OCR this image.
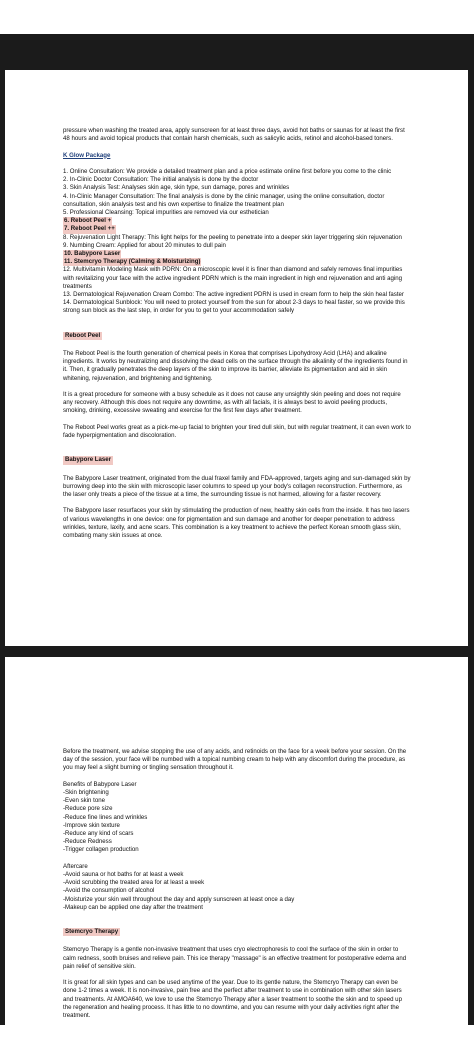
pressure when washing the treated area, apply sunscreen for at least three days, avoid hot baths or saunas for at least the first 48 hours and avoid topical products that contain harsh chemicals, such as salicylic acids, retinol and alcohol-based toners.

K Glow Package

1. Online Consultation: We provide a detailed treatment plan and a price estimate online first before you come to the clinic
2. In-Clinic Doctor Consultation: The initial analysis is done by the doctor
3. Skin Analysis Test: Analyses skin age, skin type, sun damage, pores and wrinkles
4. In-Clinic Manager Consultation: The final analysis is done by the clinic manager, using the online consultation, doctor consultation, skin analysis test and his own expertise to finalize the treatment plan
5. Professional Cleansing: Topical impurities are removed via our esthetician
6. Reboot Peel +
7. Reboot Peel ++
8. Rejuvenation Light Therapy: This light helps for the peeling to penetrate into a deeper skin layer triggering skin rejuvenation
9. Numbing Cream: Applied for about 20 minutes to dull pain
10. Babypore Laser
11. Stemcryo Therapy (Calming & Moisturizing)
12. Multivitamin Modeling Mask with PDRN: On a microscopic level it is finer than diamond and safely removes final impurities with revitalizing your face with the active ingredient PDRN which is the main ingredient in high end rejuvenation and anti aging treatments
13. Dermatological Rejuvenation Cream Combo: The active ingredient PDRN is used in cream form to help the skin heal faster
14. Dermatological Sunblock: You will need to protect yourself from the sun for about 2-3 days to heal faster, so we provide this strong sun block as the last step, in order for you to get to your accommodation safely
Reboot Peel

The Reboot Peel is the fourth generation of chemical peels in Korea that comprises Lipohydroxy Acid (LHA) and alkaline ingredients. It works by neutralizing and dissolving the dead cells on the surface through the alkalinity of the ingredients found in it. Then, it gradually penetrates the deep layers of the skin to improve its barrier, alleviate its pigmentation and aid in skin whitening, rejuvenation, and brightening and tightening.

It is a great procedure for someone with a busy schedule as it does not cause any unsightly skin peeling and does not require any recovery. Although this does not require any downtime, as with all facials, it is always best to avoid peeling products, smoking, drinking, excessive sweating and exercise for the first few days after treatment.

The Reboot Peel works great as a pick-me-up facial to brighten your tired dull skin, but with regular treatment, it can even work to fade hyperpigmentation and discoloration.

Babypore Laser

The Babypore Laser treatment, originated from the dual fraxel family and FDA-approved, targets aging and sun-damaged skin by burrowing deep into the skin with microscopic laser columns to speed up your body's collagen reconstruction. Furthermore, as the laser only treats a piece of the tissue at a time, the surrounding tissue is not harmed, allowing for a faster recovery.

The Babypore laser resurfaces your skin by stimulating the production of new, healthy skin cells from the inside. It has two lasers of various wavelengths in one device: one for pigmentation and sun damage and another for deeper penetration to address wrinkles, texture, laxity, and acne scars. This combination is a key treatment to achieve the perfect Korean smooth glass skin, combating many skin issues at once.

Before the treatment, we advise stopping the use of any acids, and retinoids on the face for a week before your session. On the day of the session, your face will be numbed with a topical numbing cream to help with any discomfort during the procedure, as you may feel a slight burning or tingling sensation throughout it.

Benefits of Babypore Laser

-Skin brightening
-Even skin tone
-Reduce pore size
-Reduce fine lines and wrinkles
-Improve skin texture
-Reduce any kind of scars
-Reduce Redness
-Trigger collagen production

Aftercare

-Avoid sauna or hot baths for at least a week
-Avoid scrubbing the treated area for at least a week
-Avoid the consumption of alcohol
-Moisturize your skin well throughout the day and apply sunscreen at least once a day
-Makeup can be applied one day after the treatment
Stemcryo Therapy

Stemcryo Therapy is a gentle non-invasive treatment that uses cryo electrophoresis to cool the surface of the skin in order to calm redness, sooth bruises and relieve pain. This ice therapy "massage" is an effective treatment for postoperative edema and pain relief of sensitive skin.

It is great for all skin types and can be used anytime of the year. Due to its gentle nature, the Stemcryo Therapy can even be done 1-2 times a week. It is non-invasive, pain free and the perfect after treatment to use in combination with other skin lasers and treatments. At AMOA640, we love to use the Stemcryo Therapy after a laser treatment to soothe the skin and to speed up the regeneration and healing process. It has little to no downtime, and you can resume with your daily activities right after the treatment.
